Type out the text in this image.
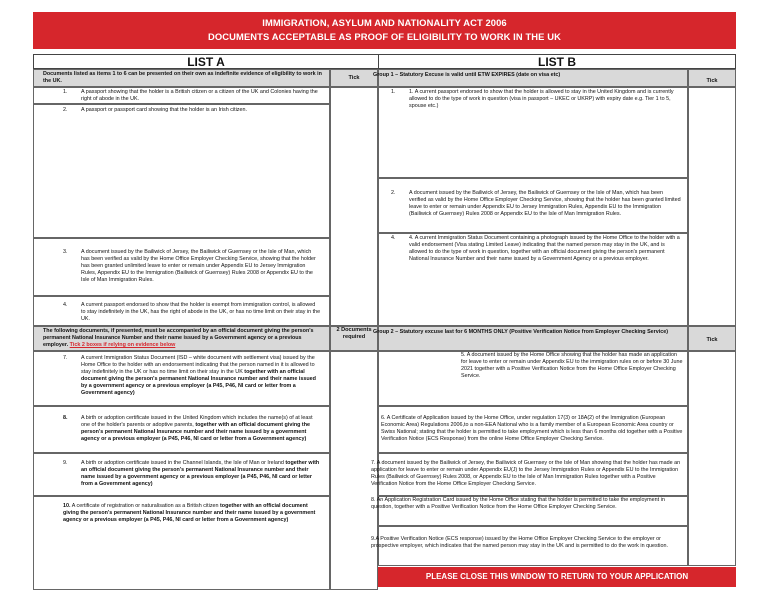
IMMIGRATION, ASYLUM AND NATIONALITY ACT 2006
DOCUMENTS ACCEPTABLE AS PROOF OF ELIGIBILITY TO WORK IN THE UK
LIST A	LIST B
Documents listed as items 1 to 6 can be presented on their own as indefinite evidence of eligibility to work in the UK.	Tick
1.	A passport showing that the holder is a British citizen or a citizen of the UK and Colonies having the right of abode in the UK.
2.	A passport or passport card showing that the holder is an Irish citizen.
3.	A document issued by the Bailiwick of Jersey, the Bailiwick of Guernsey or the Isle of Man, which has been verified as valid by the Home Office Employer Checking Service, showing that the holder has been granted unlimited leave to enter or remain under Appendix EU to Jersey Immigration Rules, Appendix EU to the Immigration (Bailiwick of Guernsey) Rules 2008 or Appendix EU to the Isle of Man Immigration Rules.
4.	A current passport endorsed to show that the holder is exempt from immigration control, is allowed to stay indefinitely in the UK, has the right of abode in the UK, or has no time limit on their stay in the UK.
The following documents, if presented, must be accompanied by an official document giving the person's permanent National Insurance Number and their name issued by a Government agency or a previous employer. Tick 2 boxes if relying on evidence below
2 Documents required
7.	A current Immigration Status Document (ISD – white document with settlement visa) issued by the Home Office to the holder with an endorsement indicating that the person named in it is allowed to stay indefinitely in the UK or has no time limit on their stay in the UK together with an official document giving the person's permanent National Insurance number and their name issued by a government agency or a previous employer (a P45, P46, NI card or letter from a Government agency)
8.	A birth or adoption certificate issued in the United Kingdom which includes the name(s) of at least one of the holder's parents or adoptive parents, together with an official document giving the person's permanent National Insurance number and their name issued by a government agency or a previous employer (a P45, P46, NI card or letter from a Government agency)
9.	A birth or adoption certificate issued in the Channel Islands, the Isle of Man or Ireland together with an official document giving the person's permanent National Insurance number and their name issued by a government agency or a previous employer (a P45, P46, NI card or letter from a Government agency)
10. A certificate of registration or naturalisation as a British citizen together with an official document giving the person's permanent National Insurance number and their name issued by a government agency or a previous employer (a P45, P46, NI card or letter from a Government agency)
Group 1 – Statutory Excuse is valid until ETW EXPIRES (date on visa etc)
Tick
1.	1. A current passport endorsed to show that the holder is allowed to stay in the United Kingdom and is currently allowed to do the type of work in question (visa in passport – UKEC or UKRP) with expiry date e.g. Tier 1 to 5, spouse etc.)
2.	A document issued by the Bailiwick of Jersey, the Bailiwick of Guernsey or the Isle of Man, which has been verified as valid by the Home Office Employer Checking Service, showing that the holder has been granted limited leave to enter or remain under Appendix EU to Jersey Immigration Rules, Appendix EU to the Immigration (Bailiwick of Guernsey) Rules 2008 or Appendix EU to the Isle of Man Immigration Rules.
4.	4. A current Immigration Status Document containing a photograph issued by the Home Office to the holder with a valid endorsement (Visa stating Limited Leave) indicating that the named person may stay in the UK, and is allowed to do the type of work in question, together with an official document giving the person's permanent National Insurance Number and their name issued by a Government Agency or a previous employer.
Group 2 – Statutory excuse last for 6 MONTHS ONLY (Positive Verification Notice from Employer Checking Service)
Tick
5. A document issued by the Home Office showing that the holder has made an application for leave to enter or remain under Appendix EU to the immigration rules on or before 30 June 2021 together with a Positive Verification Notice from the Home Office Employer Checking Service.
6. A Certificate of Application issued by the Home Office, under regulation 17(3) or 18A(2) of the Immigration (European Economic Area) Regulations 2006,to a non-EEA National who is a family member of a European Economic Area country or Swiss National; stating that the holder is permitted to take employment which is less than 6 months old together with a Positive Verification Notice (ECS Response) from the online Home Office Employer Checking Service.
7. A document issued by the Bailiwick of Jersey, the Bailiwick of Guernsey or the Isle of Man showing that the holder has made an application for leave to enter or remain under Appendix EU(J) to the Jersey Immigration Rules or Appendix EU to the Immigration Rules (Bailiwick of Guernsey) Rules 2008, or Appendix EU to the Isle of Man Immigration Rules together with a Positive Verification Notice from the Home Office Employer Checking Service.
8. An Application Registration Card issued by the Home Office stating that the holder is permitted to take the employment in question, together with a Positive Verification Notice from the Home Office Employer Checking Service.
9.A Positive Verification Notice (ECS response) issued by the Home Office Employer Checking Service to the employer or prospective employer, which indicates that the named person may stay in the UK and is permitted to do the work in question.
PLEASE CLOSE THIS WINDOW TO RETURN TO YOUR APPLICATION
